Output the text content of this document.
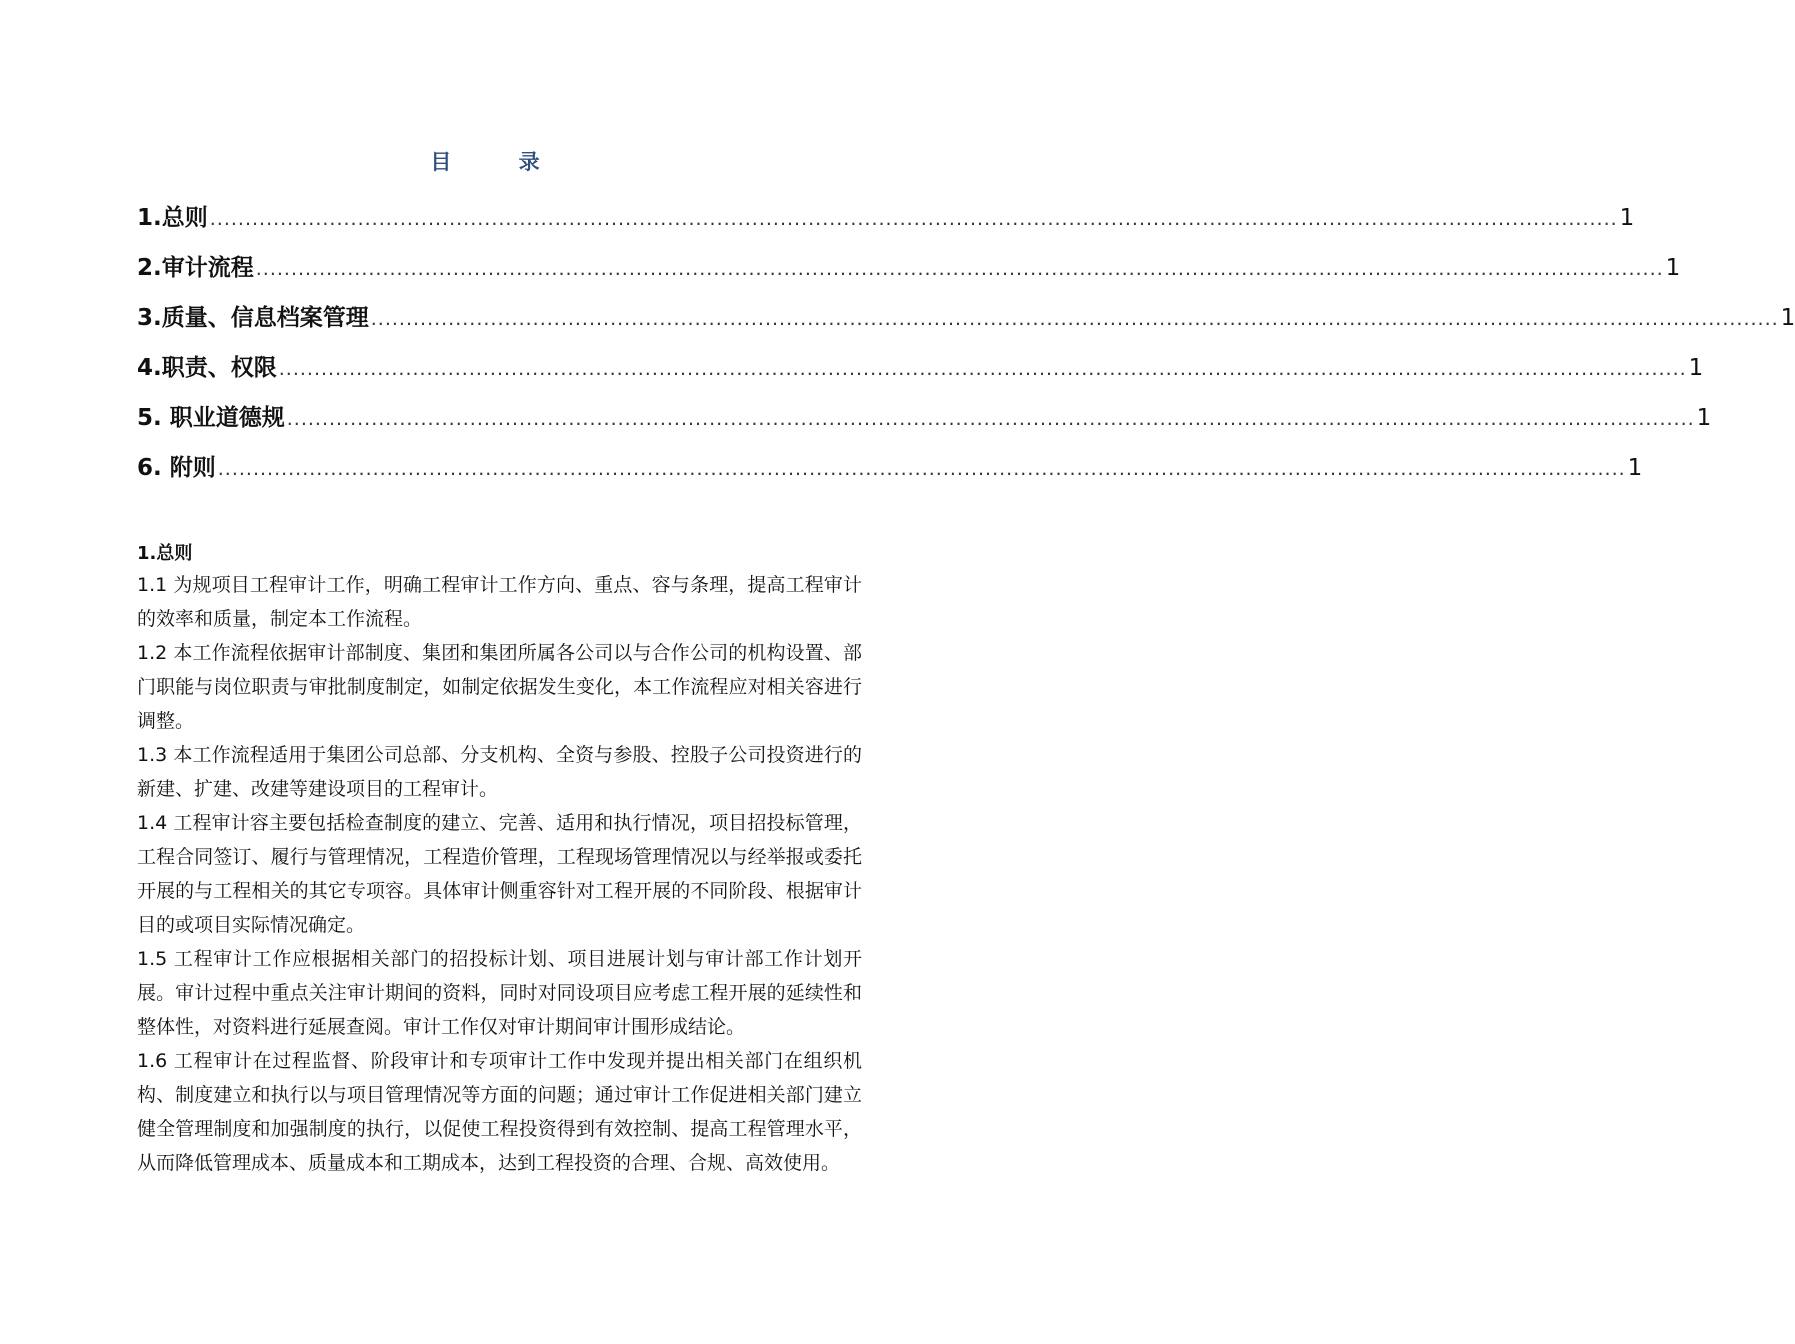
目 录
1.总则 ........................................................................................................................................................................................................ 1
2.审计流程 ........................................................................................................................................................................................................ 1
3.质量、信息档案管理 ........................................................................................................................................................................................................ 1
4.职责、权限 ........................................................................................................................................................................................................ 1
5. 职业道德规 ........................................................................................................................................................................................................ 1
6. 附则 ........................................................................................................................................................................................................ 1

1.总则

1.1 为规项目工程审计工作，明确工程审计工作方向、重点、容与条理，提高工程审计的效率和质量，制定本工作流程。

1.2 本工作流程依据审计部制度、集团和集团所属各公司以与合作公司的机构设置、部门职能与岗位职责与审批制度制定，如制定依据发生变化，本工作流程应对相关容进行调整。

1.3 本工作流程适用于集团公司总部、分支机构、全资与参股、控股子公司投资进行的新建、扩建、改建等建设项目的工程审计。

1.4 工程审计容主要包括检查制度的建立、完善、适用和执行情况，项目招投标管理，工程合同签订、履行与管理情况，工程造价管理，工程现场管理情况以与经举报或委托开展的与工程相关的其它专项容。具体审计侧重容针对工程开展的不同阶段、根据审计目的或项目实际情况确定。

1.5 工程审计工作应根据相关部门的招投标计划、项目进展计划与审计部工作计划开展。审计过程中重点关注审计期间的资料，同时对同设项目应考虑工程开展的延续性和整体性，对资料进行延展查阅。审计工作仅对审计期间审计围形成结论。

1.6 工程审计在过程监督、阶段审计和专项审计工作中发现并提出相关部门在组织机构、制度建立和执行以与项目管理情况等方面的问题；通过审计工作促进相关部门建立健全管理制度和加强制度的执行，以促使工程投资得到有效控制、提高工程管理水平，从而降低管理成本、质量成本和工期成本，达到工程投资的合理、合规、高效使用。
